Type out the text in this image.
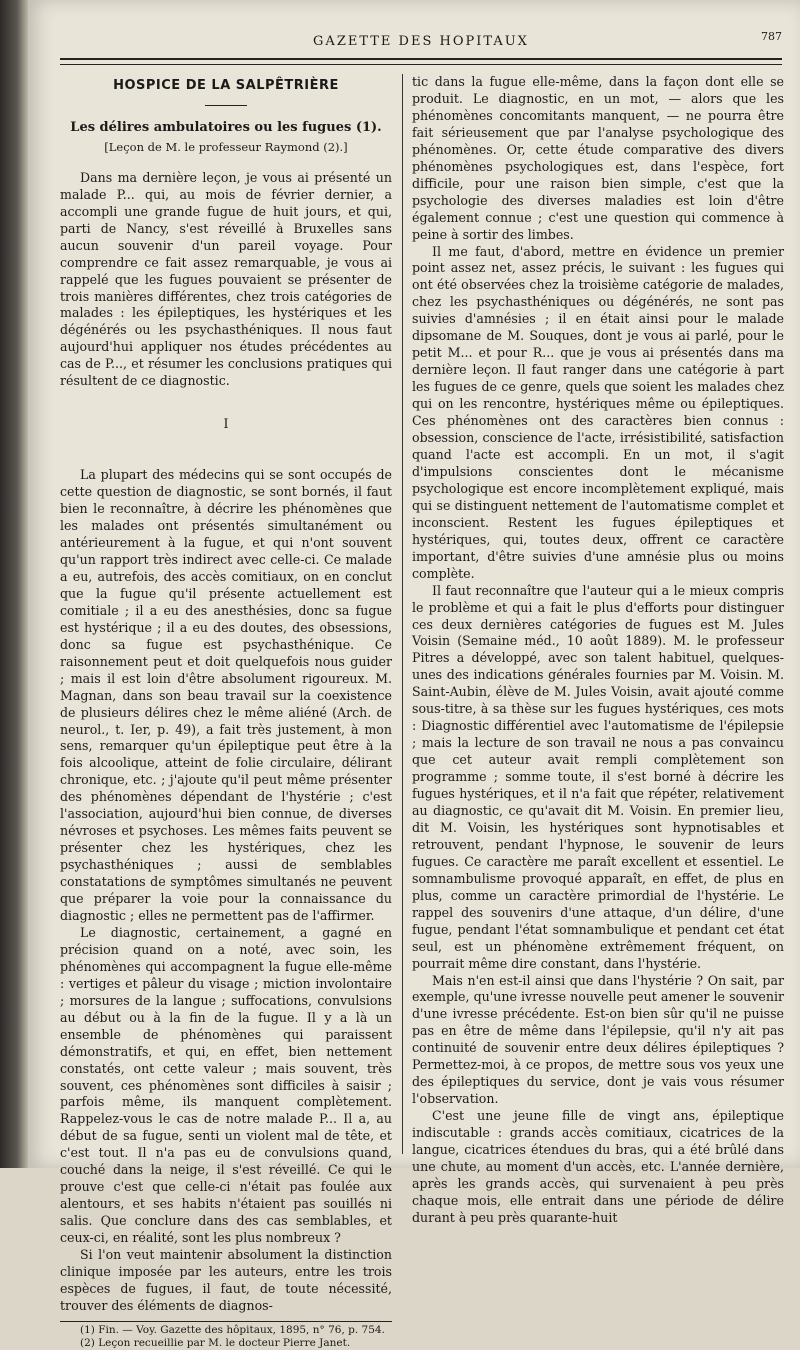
GAZETTE DES HOPITAUX	787
HOSPICE DE LA SALPÊTRIÈRE
Les délires ambulatoires ou les fugues (1).
[Leçon de M. le professeur Raymond (2).]

Dans ma dernière leçon, je vous ai présenté un malade P... qui, au mois de février dernier, a accompli une grande fugue de huit jours, et qui, parti de Nancy, s'est réveillé à Bruxelles sans aucun souvenir d'un pareil voyage. Pour comprendre ce fait assez remarquable, je vous ai rappelé que les fugues pouvaient se présenter de trois manières différentes, chez trois catégories de malades : les épileptiques, les hystériques et les dégénérés ou les psychasthéniques. Il nous faut aujourd'hui appliquer nos études précédentes au cas de P..., et résumer les conclusions pratiques qui résultent de ce diagnostic.

I

La plupart des médecins qui se sont occupés de cette question de diagnostic, se sont bornés, il faut bien le reconnaître, à décrire les phénomènes que les malades ont présentés simultanément ou antérieurement à la fugue, et qui n'ont souvent qu'un rapport très indirect avec celle-ci. Ce malade a eu, autrefois, des accès comitiaux, on en conclut que la fugue qu'il présente actuellement est comitiale ; il a eu des anesthésies, donc sa fugue est hystérique ; il a eu des doutes, des obsessions, donc sa fugue est psychasthénique. Ce raisonnement peut et doit quelquefois nous guider ; mais il est loin d'être absolument rigoureux. M. Magnan, dans son beau travail sur la coexistence de plusieurs délires chez le même aliéné (Arch. de neurol., t. Ier, p. 49), a fait très justement, à mon sens, remarquer qu'un épileptique peut être à la fois alcoolique, atteint de folie circulaire, délirant chronique, etc. ; j'ajoute qu'il peut même présenter des phénomènes dépendant de l'hystérie ; c'est l'association, aujourd'hui bien connue, de diverses névroses et psychoses. Les mêmes faits peuvent se présenter chez les hystériques, chez les psychasthéniques ; aussi de semblables constatations de symptômes simultanés ne peuvent que préparer la voie pour la connaissance du diagnostic ; elles ne permettent pas de l'affirmer.

Le diagnostic, certainement, a gagné en précision quand on a noté, avec soin, les phénomènes qui accompagnent la fugue elle-même : vertiges et pâleur du visage ; miction involontaire ; morsures de la langue ; suffocations, convulsions au début ou à la fin de la fugue. Il y a là un ensemble de phénomènes qui paraissent démonstratifs, et qui, en effet, bien nettement constatés, ont cette valeur ; mais souvent, très souvent, ces phénomènes sont difficiles à saisir ; parfois même, ils manquent complètement. Rappelez-vous le cas de notre malade P... Il a, au début de sa fugue, senti un violent mal de tête, et c'est tout. Il n'a pas eu de convulsions quand, couché dans la neige, il s'est réveillé. Ce qui le prouve c'est que celle-ci n'était pas foulée aux alentours, et ses habits n'étaient pas souillés ni salis. Que conclure dans des cas semblables, et ceux-ci, en réalité, sont les plus nombreux ?

Si l'on veut maintenir absolument la distinction clinique imposée par les auteurs, entre les trois espèces de fugues, il faut, de toute nécessité, trouver des éléments de diagnos-

(1) Fin. — Voy. Gazette des hôpitaux, 1895, n° 76, p. 754.

(2) Leçon recueillie par M. le docteur Pierre Janet.

tic dans la fugue elle-même, dans la façon dont elle se produit. Le diagnostic, en un mot, — alors que les phénomènes concomitants manquent, — ne pourra être fait sérieusement que par l'analyse psychologique des phénomènes. Or, cette étude comparative des divers phénomènes psychologiques est, dans l'espèce, fort difficile, pour une raison bien simple, c'est que la psychologie des diverses maladies est loin d'être également connue ; c'est une question qui commence à peine à sortir des limbes.

Il me faut, d'abord, mettre en évidence un premier point assez net, assez précis, le suivant : les fugues qui ont été observées chez la troisième catégorie de malades, chez les psychasthéniques ou dégénérés, ne sont pas suivies d'amnésies ; il en était ainsi pour le malade dipsomane de M. Souques, dont je vous ai parlé, pour le petit M... et pour R... que je vous ai présentés dans ma dernière leçon. Il faut ranger dans une catégorie à part les fugues de ce genre, quels que soient les malades chez qui on les rencontre, hystériques même ou épileptiques. Ces phénomènes ont des caractères bien connus : obsession, conscience de l'acte, irrésistibilité, satisfaction quand l'acte est accompli. En un mot, il s'agit d'impulsions conscientes dont le mécanisme psychologique est encore incomplètement expliqué, mais qui se distinguent nettement de l'automatisme complet et inconscient. Restent les fugues épileptiques et hystériques, qui, toutes deux, offrent ce caractère important, d'être suivies d'une amnésie plus ou moins complète.

Il faut reconnaître que l'auteur qui a le mieux compris le problème et qui a fait le plus d'efforts pour distinguer ces deux dernières catégories de fugues est M. Jules Voisin (Semaine méd., 10 août 1889). M. le professeur Pitres a développé, avec son talent habituel, quelques-unes des indications générales fournies par M. Voisin. M. Saint-Aubin, élève de M. Jules Voisin, avait ajouté comme sous-titre, à sa thèse sur les fugues hystériques, ces mots : Diagnostic différentiel avec l'automatisme de l'épilepsie ; mais la lecture de son travail ne nous a pas convaincu que cet auteur avait rempli complètement son programme ; somme toute, il s'est borné à décrire les fugues hystériques, et il n'a fait que répéter, relativement au diagnostic, ce qu'avait dit M. Voisin. En premier lieu, dit M. Voisin, les hystériques sont hypnotisables et retrouvent, pendant l'hypnose, le souvenir de leurs fugues. Ce caractère me paraît excellent et essentiel. Le somnambulisme provoqué apparaît, en effet, de plus en plus, comme un caractère primordial de l'hystérie. Le rappel des souvenirs d'une attaque, d'un délire, d'une fugue, pendant l'état somnambulique et pendant cet état seul, est un phénomène extrêmement fréquent, on pourrait même dire constant, dans l'hystérie.

Mais n'en est-il ainsi que dans l'hystérie ? On sait, par exemple, qu'une ivresse nouvelle peut amener le souvenir d'une ivresse précédente. Est-on bien sûr qu'il ne puisse pas en être de même dans l'épilepsie, qu'il n'y ait pas continuité de souvenir entre deux délires épileptiques ? Permettez-moi, à ce propos, de mettre sous vos yeux une des épileptiques du service, dont je vais vous résumer l'observation.

C'est une jeune fille de vingt ans, épileptique indiscutable : grands accès comitiaux, cicatrices de la langue, cicatrices étendues du bras, qui a été brûlé dans une chute, au moment d'un accès, etc. L'année dernière, après les grands accès, qui survenaient à peu près chaque mois, elle entrait dans une période de délire durant à peu près quarante-huit
